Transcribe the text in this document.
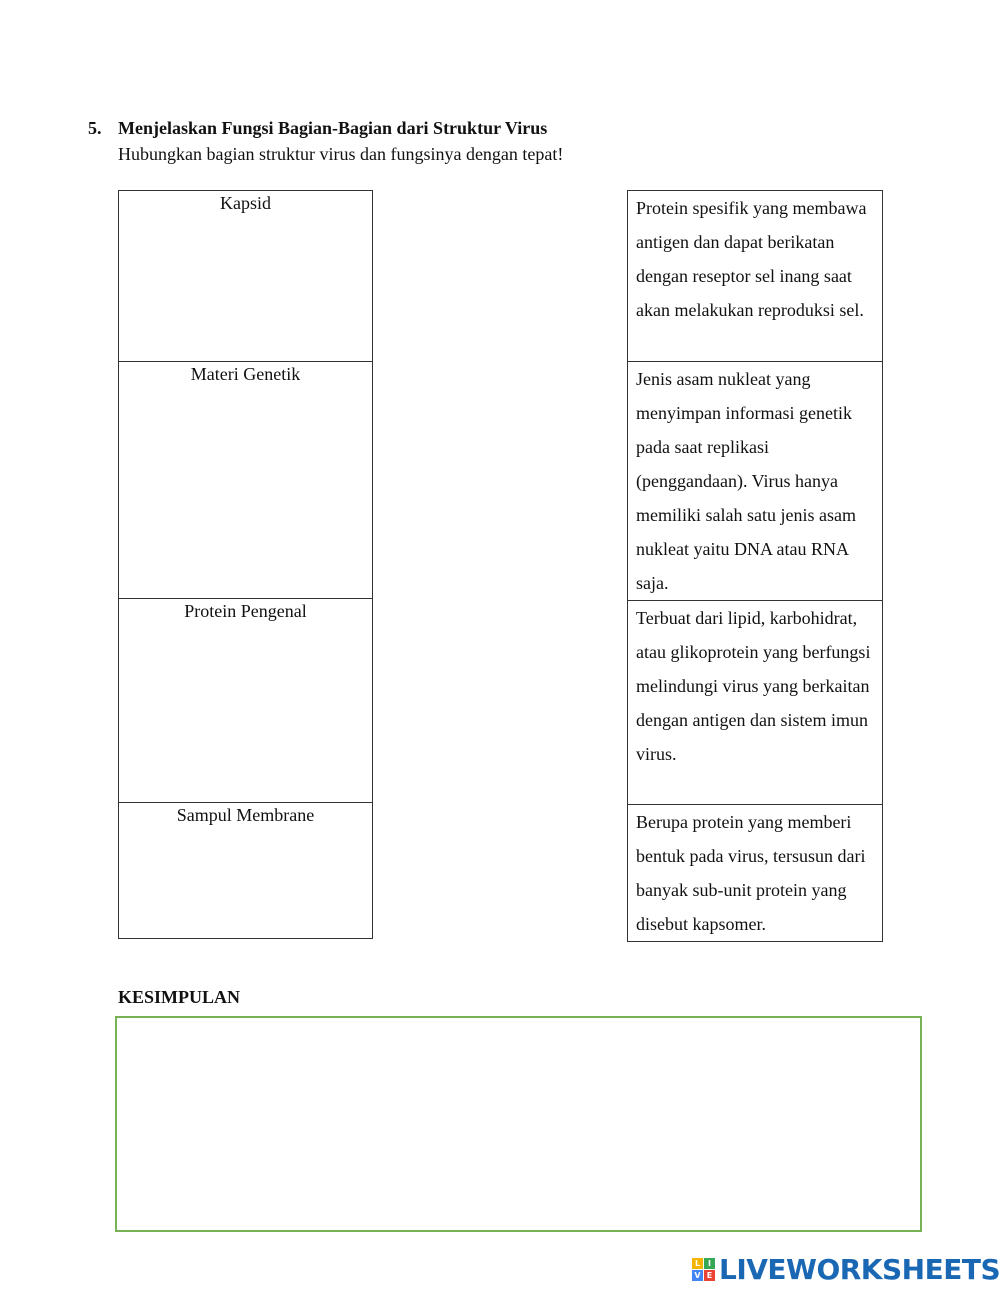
5. Menjelaskan Fungsi Bagian-Bagian dari Struktur Virus
Hubungkan bagian struktur virus dan fungsinya dengan tepat!
Kapsid
Materi Genetik
Protein Pengenal
Sampul Membrane
Protein spesifik yang membawa antigen dan dapat berikatan dengan reseptor sel inang saat akan melakukan reproduksi sel.
Jenis asam nukleat yang menyimpan informasi genetik pada saat replikasi (penggandaan). Virus hanya memiliki salah satu jenis asam nukleat yaitu DNA atau RNA saja.
Terbuat dari lipid, karbohidrat, atau glikoprotein yang berfungsi melindungi virus yang berkaitan dengan antigen dan sistem imun virus.
Berupa protein yang memberi bentuk pada virus, tersusun dari banyak sub-unit protein yang disebut kapsomer.
KESIMPULAN
L I
V E LIVEWORKSHEETS
